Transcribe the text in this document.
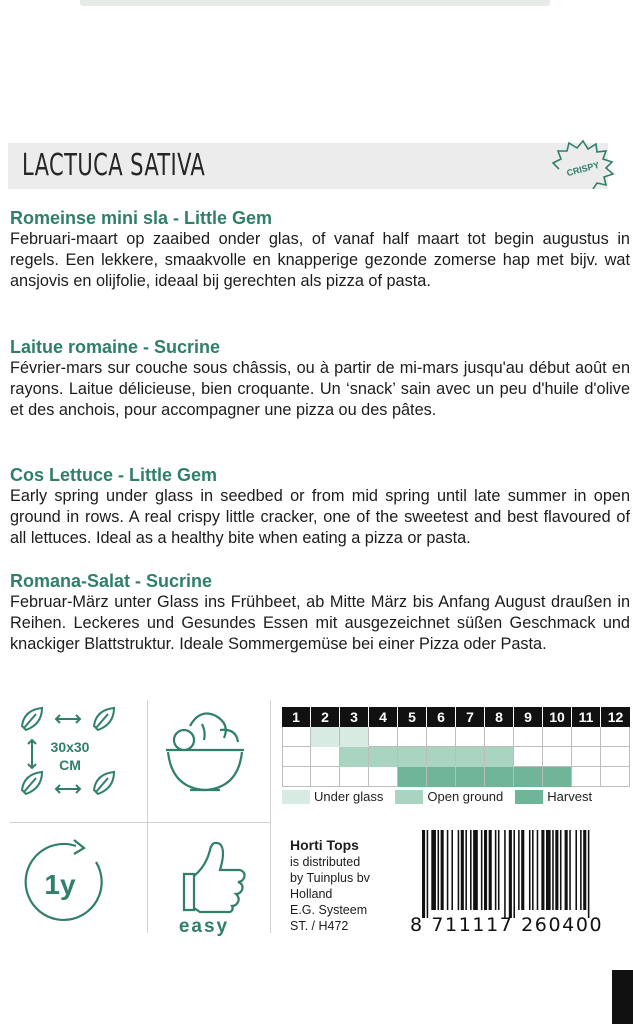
LACTUCA SATIVA	CRISPY
Romeinse mini sla - Little Gem

Februari-maart op zaaibed onder glas, of vanaf half maart tot begin augustus in regels. Een lekkere, smaakvolle en knapperige gezonde zomerse hap met bijv. wat ansjovis en olijfolie, ideaal bij gerechten als pizza of pasta.

Laitue romaine - Sucrine

Février-mars sur couche sous châssis, ou à partir de mi-mars jusqu'au début août en rayons. Laitue délicieuse, bien croquante. Un ‘snack’ sain avec un peu d'huile d'olive et des anchois, pour accompagner une pizza ou des pâtes.

Cos Lettuce - Little Gem

Early spring under glass in seedbed or from mid spring until late summer in open ground in rows. A real crispy little cracker, one of the sweetest and best flavoured of all lettuces. Ideal as a healthy bite when eating a pizza or pasta.

Romana-Salat - Sucrine

Februar-März unter Glass ins Frühbeet, ab Mitte März bis Anfang August draußen in Reihen. Leckeres und Gesundes Essen mit ausgezeichnet süßen Geschmack und knackiger Blattstruktur. Ideale Sommergemüse bei einer Pizza oder Pasta.

30x30
CM
1y
easy
1	2	3	4	5	6	7	8	9	10 11	12
Under glass	Open ground	Harvest
Horti Tops
is distributed
by Tuinplus bv
Holland
E.G. Systeem
ST. / H472	8 711117 260400
